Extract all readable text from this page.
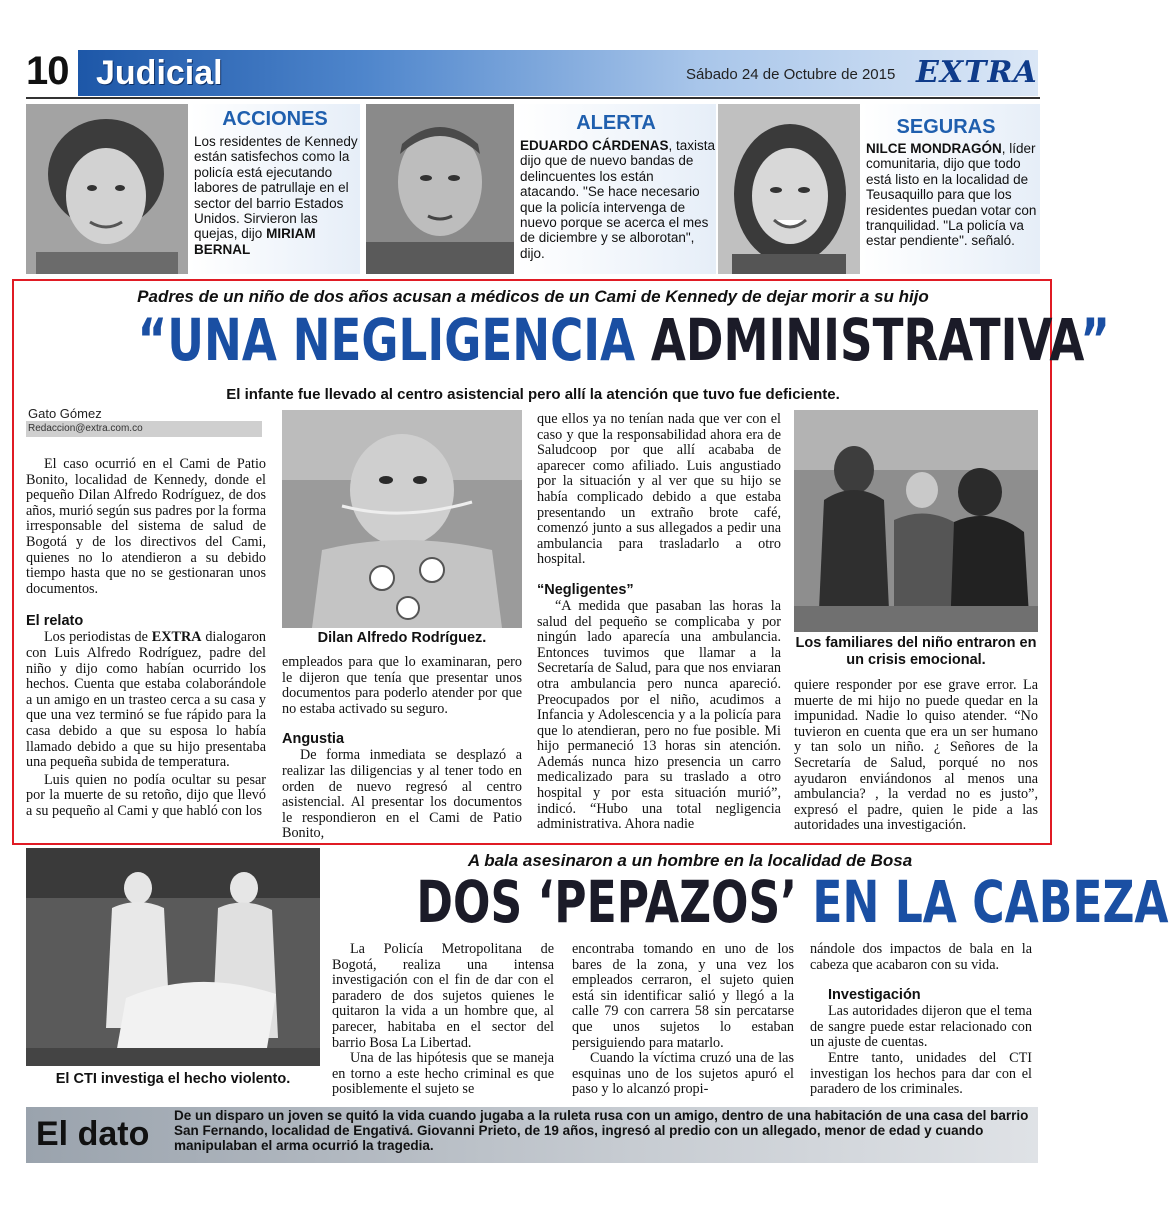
10 Judicial	Sábado 24 de Octubre de 2015 EXTRA
ACCIONES
Los residentes de Kennedy están satisfechos como la policía está ejecutando labores de patrullaje en el sector del barrio Estados Unidos. Sirvieron las quejas, dijo MIRIAM BERNAL
ALERTA
EDUARDO CÁRDENAS, taxista dijo que de nuevo bandas de delincuentes los están atacando. "Se hace necesario que la policía intervenga de nuevo porque se acerca el mes de diciembre y se alborotan", dijo.
SEGURAS
NILCE MONDRAGÓN, líder comunitaria, dijo que todo está listo en la localidad de Teusaquillo para que los residentes puedan votar con tranquilidad. "La policía va estar pendiente". señaló.
Padres de un niño de dos años acusan a médicos de un Cami de Kennedy de dejar morir a su hijo
“UNA NEGLIGENCIA ADMINISTRATIVA”
El infante fue llevado al centro asistencial pero allí la atención que tuvo fue deficiente.
Gato Gómez
Redaccion@extra.com.co

El caso ocurrió en el Cami de Patio Bonito, localidad de Kennedy, donde el pequeño Dilan Alfredo Rodríguez, de dos años, murió según sus padres por la forma irresponsable del sistema de salud de Bogotá y de los directivos del Cami, quienes no lo atendieron a su debido tiempo hasta que no se gestionaran unos documentos.

El relato

Los periodistas de EXTRA dialogaron con Luis Alfredo Rodríguez, padre del niño y dijo como habían ocurrido los hechos. Cuenta que estaba colaborándole a un amigo en un trasteo cerca a su casa y que una vez terminó se fue rápido para la casa debido a que su esposa lo había llamado debido a que su hijo presentaba una pequeña subida de temperatura.

Luis quien no podía ocultar su pesar por la muerte de su retoño, dijo que llevó a su pequeño al Cami y que habló con los

Dilan Alfredo Rodríguez.

empleados para que lo examinaran, pero le dijeron que tenía que presentar unos documentos para poderlo atender por que no estaba activado su seguro.

Angustia

De forma inmediata se desplazó a realizar las diligencias y al tener todo en orden de nuevo regresó al centro asistencial. Al presentar los documentos le respondieron en el Cami de Patio Bonito,

que ellos ya no tenían nada que ver con el caso y que la responsabilidad ahora era de Saludcoop por que allí acababa de aparecer como afiliado. Luis angustiado por la situación y al ver que su hijo se había complicado debido a que estaba presentando un extraño brote café, comenzó junto a sus allegados a pedir una ambulancia para trasladarlo a otro hospital.

“Negligentes”

“A medida que pasaban las horas la salud del pequeño se complicaba y por ningún lado aparecía una ambulancia. Entonces tuvimos que llamar a la Secretaría de Salud, para que nos enviaran otra ambulancia pero nunca apareció. Preocupados por el niño, acudimos a Infancia y Adolescencia y a la policía para que lo atendieran, pero no fue posible. Mi hijo permaneció 13 horas sin atención. Además nunca hizo presencia un carro medicalizado para su traslado a otro hospital y por esta situación murió”, indicó. “Hubo una total negligencia administrativa. Ahora nadie

Los familiares del niño entraron en un crisis emocional.

quiere responder por ese grave error. La muerte de mi hijo no puede quedar en la impunidad. Nadie lo quiso atender. “No tuvieron en cuenta que era un ser humano y tan solo un niño. ¿ Señores de la Secretaría de Salud, porqué no nos ayudaron enviándonos al menos una ambulancia? , la verdad no es justo”, expresó el padre, quien le pide a las autoridades una investigación.

El CTI investiga el hecho violento.
A bala asesinaron a un hombre en la localidad de Bosa
DOS ‘PEPAZOS’ EN LA CABEZA

La Policía Metropolitana de Bogotá, realiza una intensa investigación con el fin de dar con el paradero de dos sujetos quienes le quitaron la vida a un hombre que, al parecer, habitaba en el sector del barrio Bosa La Libertad.

Una de las hipótesis que se maneja en torno a este hecho criminal es que posiblemente el sujeto se

encontraba tomando en uno de los bares de la zona, y una vez los empleados cerraron, el sujeto quien está sin identificar salió y llegó a la calle 79 con carrera 58 sin percatarse que unos sujetos lo estaban persiguiendo para matarlo.

Cuando la víctima cruzó una de las esquinas uno de los sujetos apuró el paso y lo alcanzó propi-

nándole dos impactos de bala en la cabeza que acabaron con su vida.

Investigación

Las autoridades dijeron que el tema de sangre puede estar relacionado con un ajuste de cuentas.

Entre tanto, unidades del CTI investigan los hechos para dar con el paradero de los criminales.

El dato De un disparo un joven se quitó la vida cuando jugaba a la ruleta rusa con un amigo, dentro de una habitación de una casa del barrio San Fernando, localidad de Engativá. Giovanni Prieto, de 19 años, ingresó al predio con un allegado, menor de edad y cuando manipulaban el arma ocurrió la tragedia.
